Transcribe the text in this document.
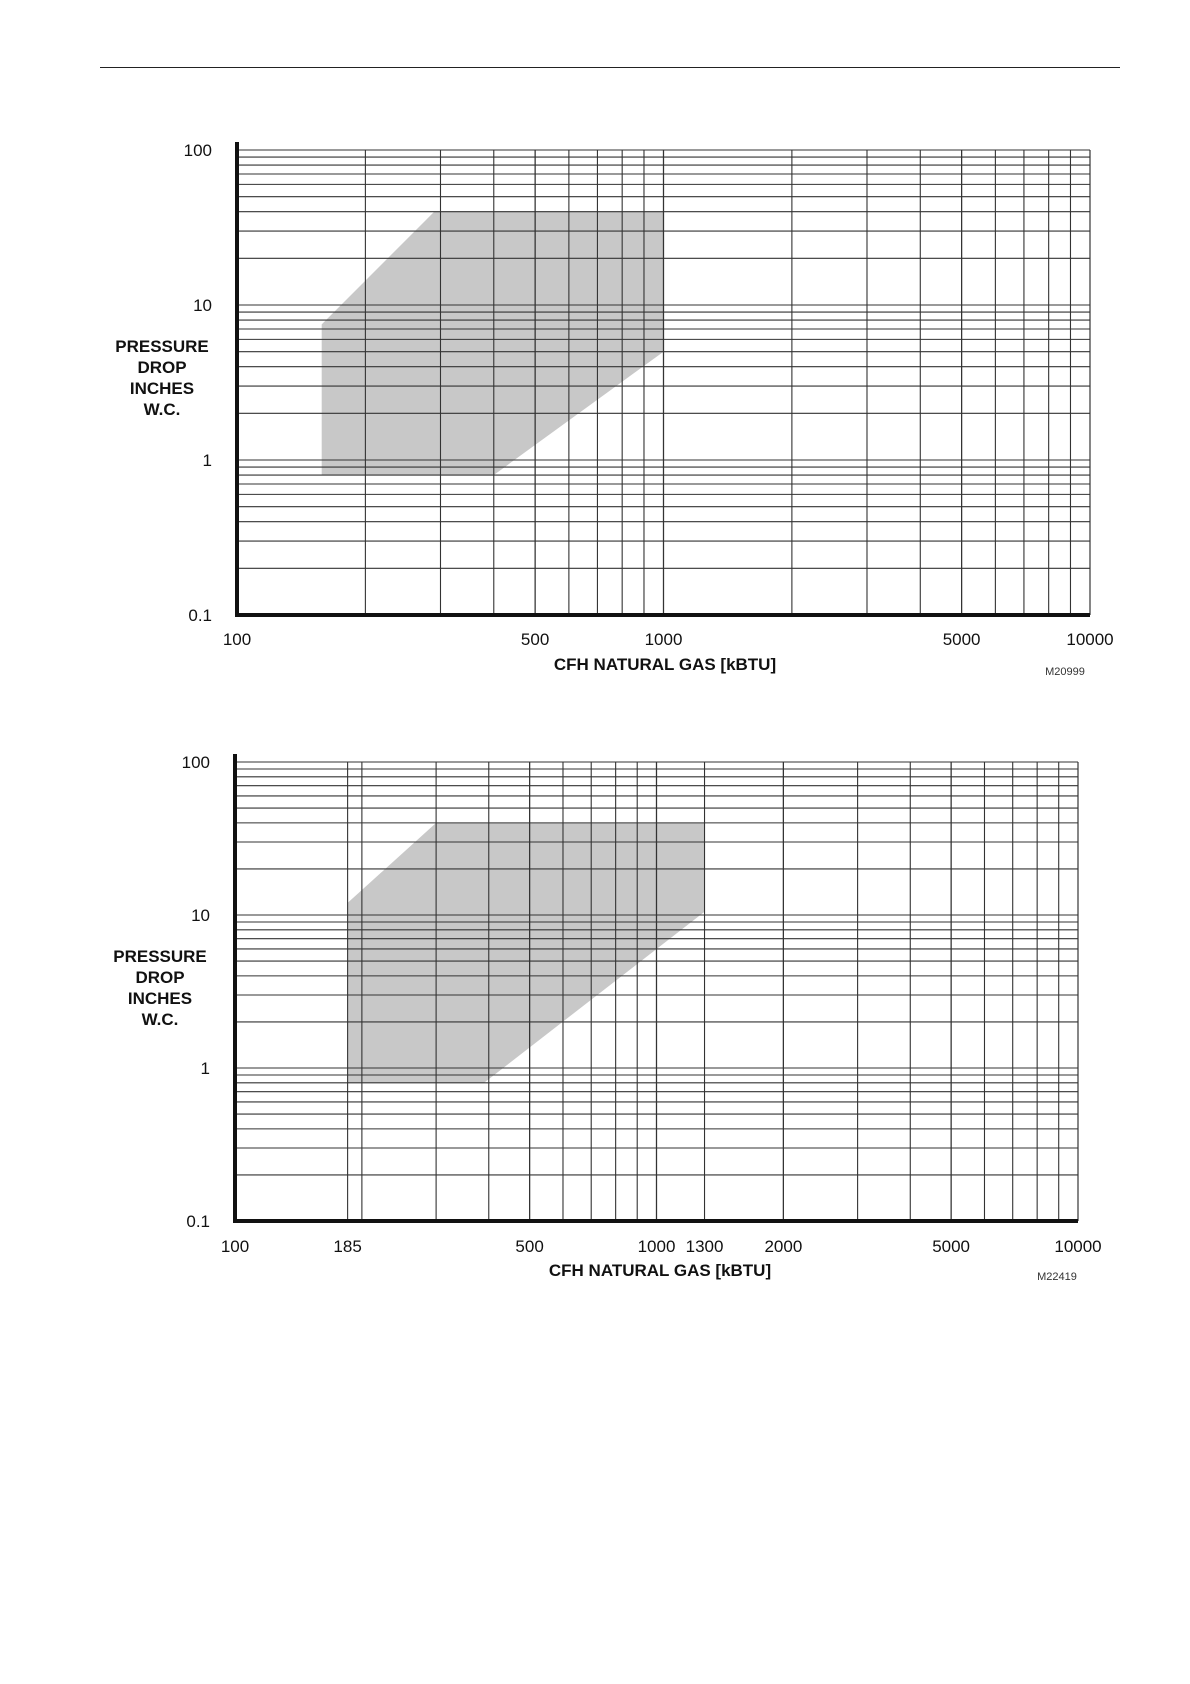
100
10
1
0.1
100	500	1000	5000	10000
PRESSURE
DROP
INCHES
W.C.
CFH NATURAL GAS [kBTU]	M20999
100
10
1
0.1
100	185	500	1000 1300 2000	5000	10000
PRESSURE
DROP
INCHES
W.C.
CFH NATURAL GAS [kBTU]	M22419
